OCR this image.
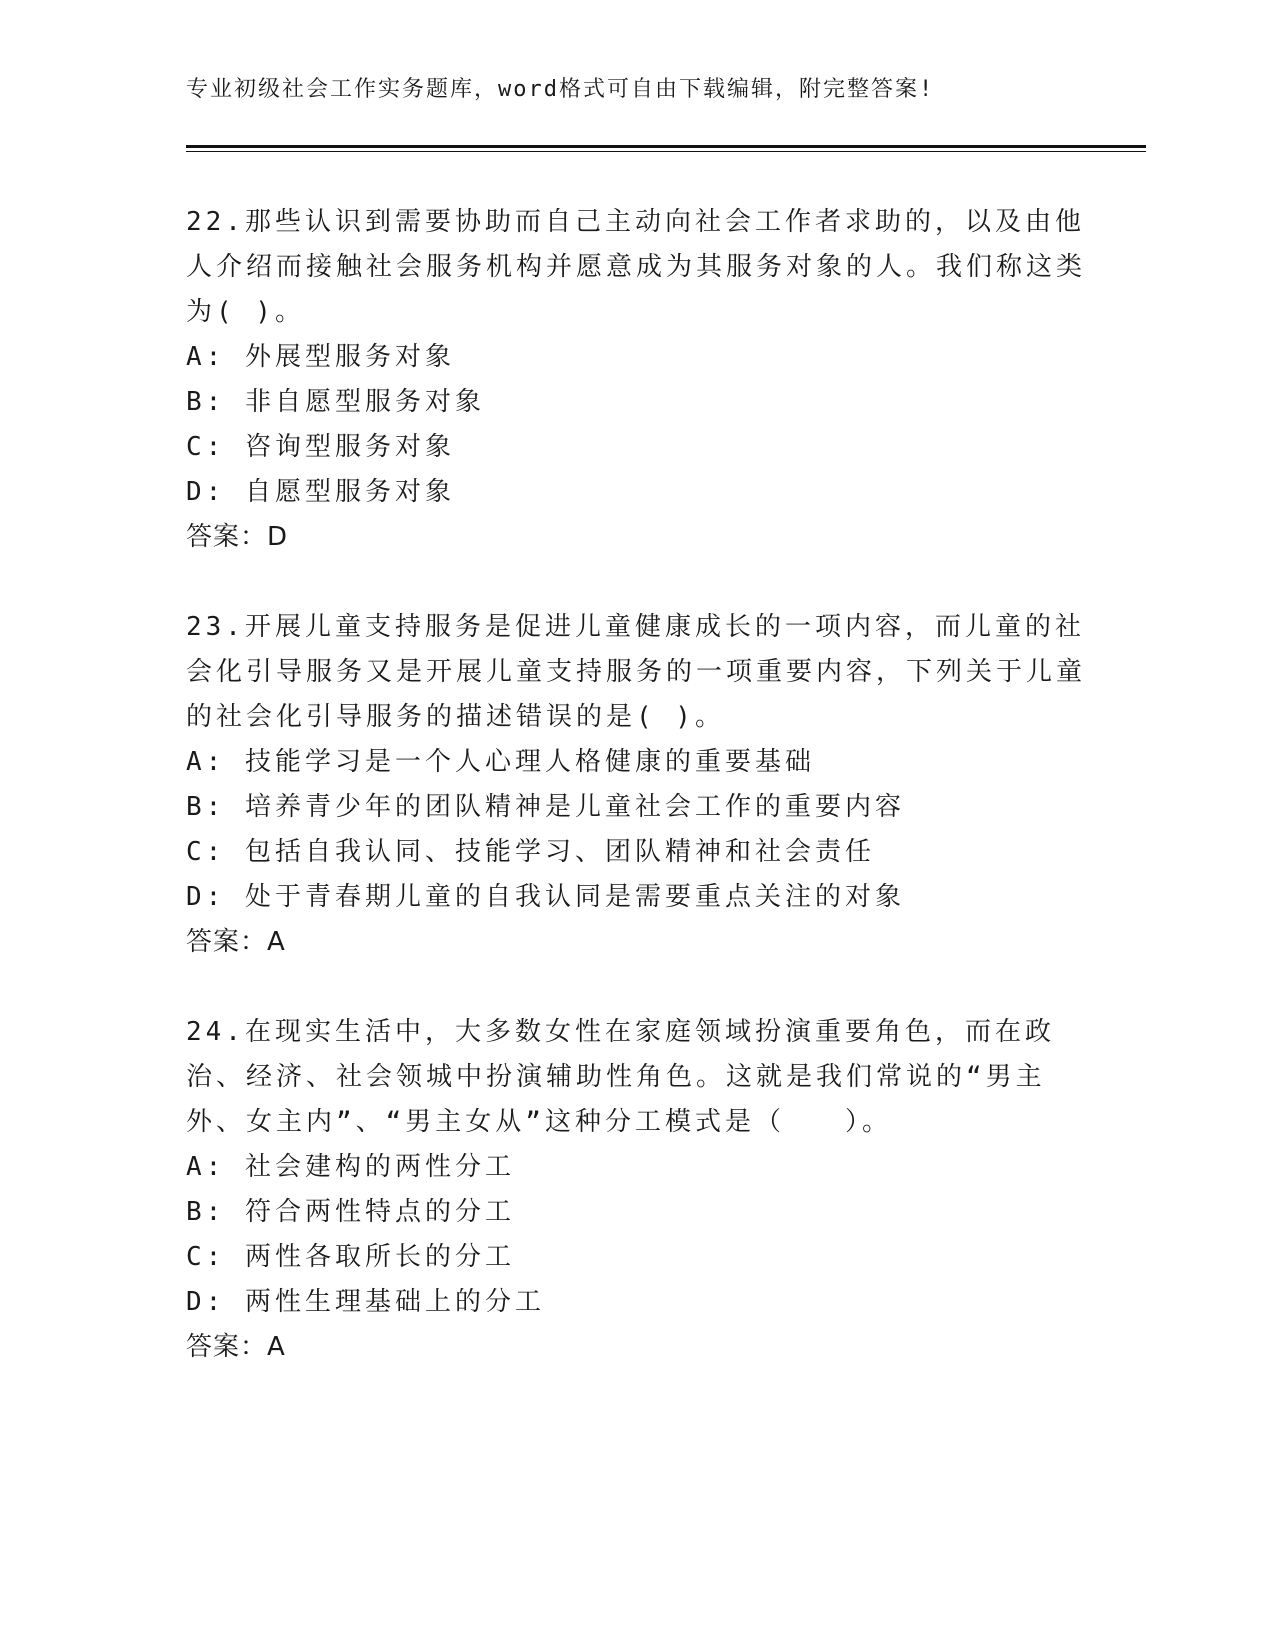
专业初级社会工作实务题库，word格式可自由下载编辑，附完整答案!

22.那些认识到需要协助而自己主动向社会工作者求助的，以及由他人介绍而接触社会服务机构并愿意成为其服务对象的人。我们称这类为( )。

A: 外展型服务对象
B: 非自愿型服务对象
C: 咨询型服务对象
D: 自愿型服务对象
答案：D

23.开展儿童支持服务是促进儿童健康成长的一项内容，而儿童的社会化引导服务又是开展儿童支持服务的一项重要内容，下列关于儿童的社会化引导服务的描述错误的是( )。

A: 技能学习是一个人心理人格健康的重要基础
B: 培养青少年的团队精神是儿童社会工作的重要内容
C: 包括自我认同、技能学习、团队精神和社会责任
D: 处于青春期儿童的自我认同是需要重点关注的对象
答案：A

24.在现实生活中，大多数女性在家庭领域扮演重要角色，而在政治、经济、社会领城中扮演辅助性角色。这就是我们常说的“男主外、女主内”、“男主女从”这种分工模式是（　　）。

A: 社会建构的两性分工
B: 符合两性特点的分工
C: 两性各取所长的分工
D: 两性生理基础上的分工
答案：A
